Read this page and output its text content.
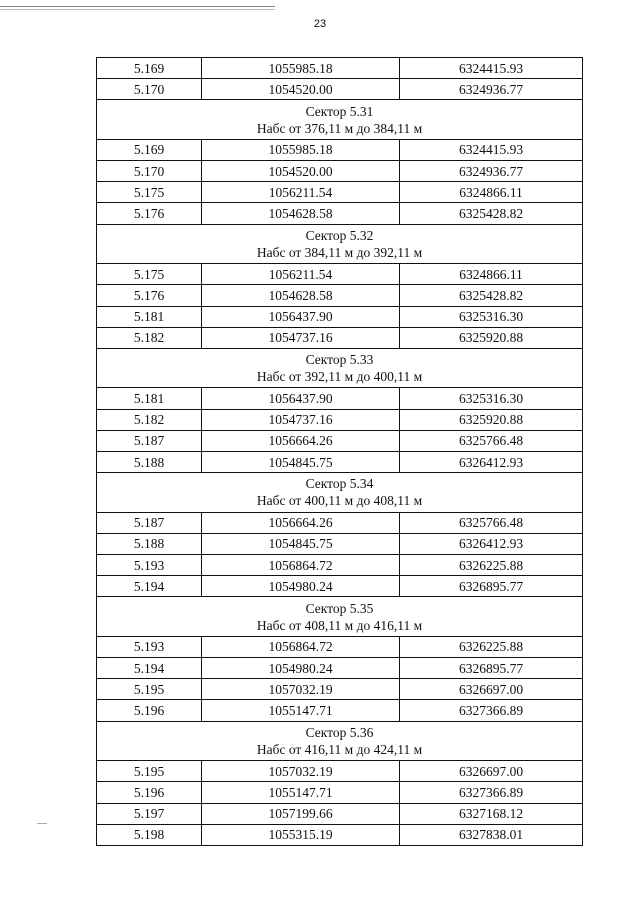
23
5.169	1055985.18	6324415.93
5.170	1054520.00	6324936.77

Сектор 5.31
Набс от 376,11 м до 384,11 м		

5.169	1055985.18	6324415.93
5.170	1054520.00	6324936.77
5.175	1056211.54	6324866.11
5.176	1054628.58	6325428.82

Сектор 5.32
Набс от 384,11 м до 392,11 м		

5.175	1056211.54	6324866.11
5.176	1054628.58	6325428.82
5.181	1056437.90	6325316.30
5.182	1054737.16	6325920.88

Сектор 5.33
Набс от 392,11 м до 400,11 м		

5.181	1056437.90	6325316.30
5.182	1054737.16	6325920.88
5.187	1056664.26	6325766.48
5.188	1054845.75	6326412.93

Сектор 5.34
Набс от 400,11 м до 408,11 м		

5.187	1056664.26	6325766.48
5.188	1054845.75	6326412.93
5.193	1056864.72	6326225.88
5.194	1054980.24	6326895.77

Сектор 5.35
Набс от 408,11 м до 416,11 м		

5.193	1056864.72	6326225.88
5.194	1054980.24	6326895.77
5.195	1057032.19	6326697.00
5.196	1055147.71	6327366.89

Сектор 5.36
Набс от 416,11 м до 424,11 м		

5.195	1057032.19	6326697.00
5.196	1055147.71	6327366.89
5.197	1057199.66	6327168.12
5.198	1055315.19	6327838.01
